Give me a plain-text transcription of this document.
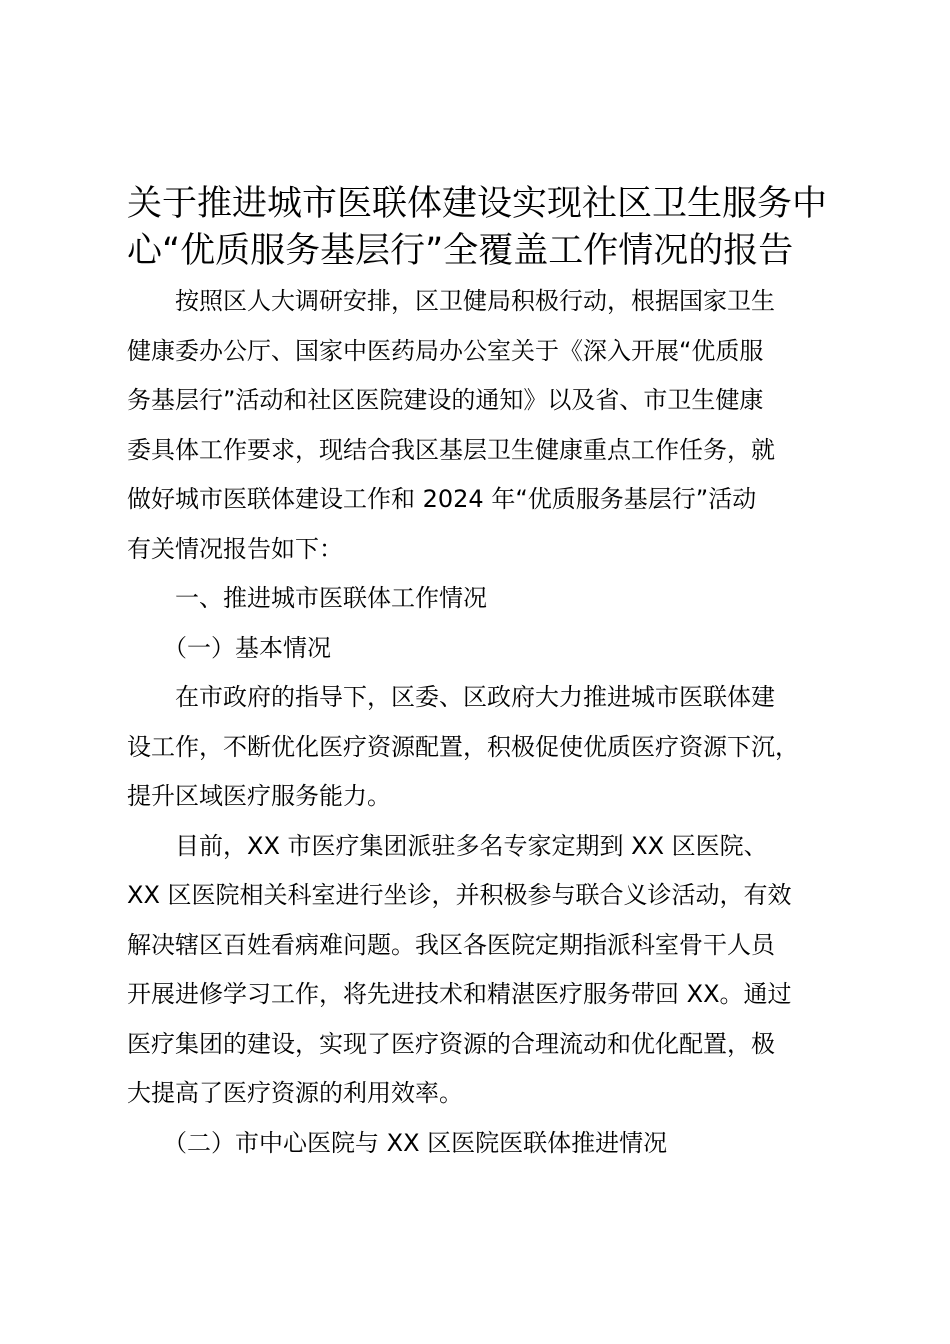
关于推进城市医联体建设实现社区卫生服务中
心“优质服务基层行”全覆盖工作情况的报告

　　按照区人大调研安排，区卫健局积极行动，根据国家卫生
健康委办公厅、国家中医药局办公室关于《深入开展“优质服
务基层行”活动和社区医院建设的通知》以及省、市卫生健康
委具体工作要求，现结合我区基层卫生健康重点工作任务，就
做好城市医联体建设工作和 2024 年“优质服务基层行”活动
有关情况报告如下：

　　一、推进城市医联体工作情况

　　（一）基本情况

　　在市政府的指导下，区委、区政府大力推进城市医联体建
设工作，不断优化医疗资源配置，积极促使优质医疗资源下沉，
提升区域医疗服务能力。

　　目前，XX 市医疗集团派驻多名专家定期到 XX 区医院、
XX 区医院相关科室进行坐诊，并积极参与联合义诊活动，有效
解决辖区百姓看病难问题。我区各医院定期指派科室骨干人员
开展进修学习工作，将先进技术和精湛医疗服务带回 XX。通过
医疗集团的建设，实现了医疗资源的合理流动和优化配置，极
大提高了医疗资源的利用效率。

　　（二）市中心医院与 XX 区医院医联体推进情况
